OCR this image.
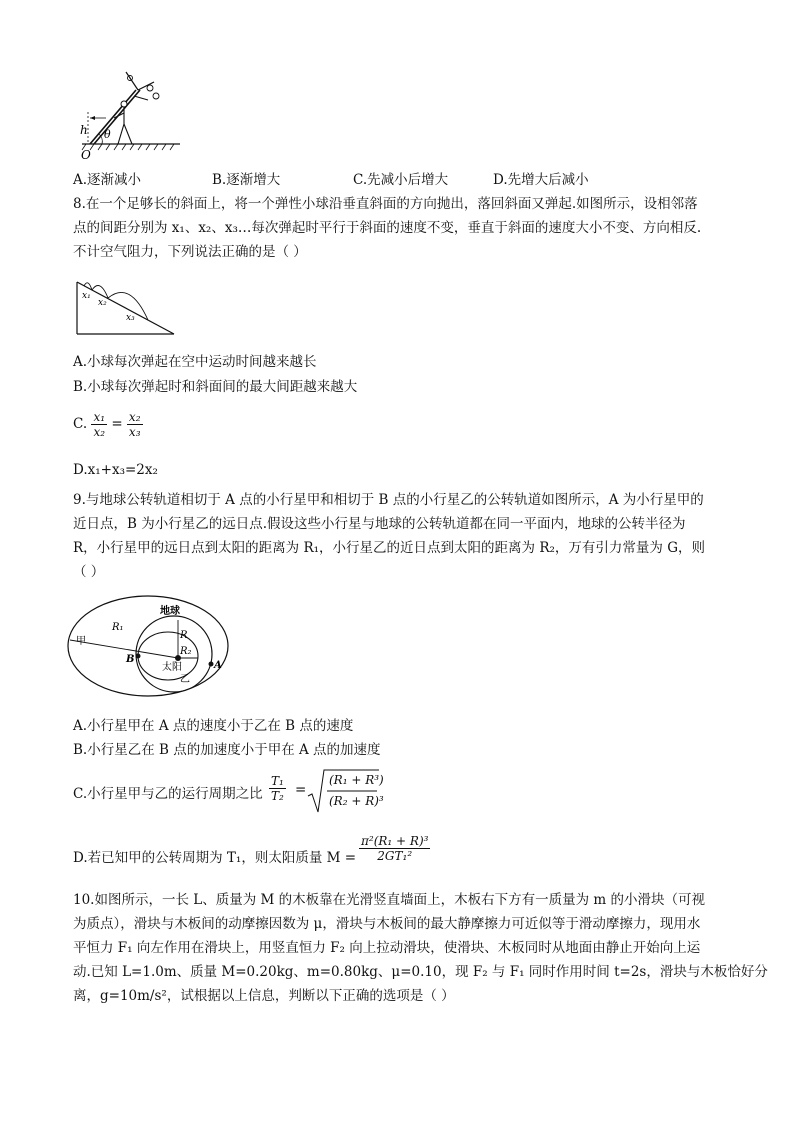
h θ
O
A.逐渐减小	B.逐渐增大	C.先减小后增大	D.先增大后减小
8.在一个足够长的斜面上，将一个弹性小球沿垂直斜面的方向抛出，落回斜面又弹起.如图所示，设相邻落
点的间距分别为 x₁、x₂、x₃…每次弹起时平行于斜面的速度不变，垂直于斜面的速度大小不变、方向相反.
不计空气阻力，下列说法正确的是（ ）
x₁
x₂
x₃
A.小球每次弹起在空中运动时间越来越长
B.小球每次弹起时和斜面间的最大间距越来越大
C. $\frac{\text{x₁}}{\text{x₂}} = \frac{\text{x₂}}{\text{x₃}}$
D.x₁+x₃=2x₂
9.与地球公转轨道相切于 A 点的小行星甲和相切于 B 点的小行星乙的公转轨道如图所示，A 为小行星甲的
近日点，B 为小行星乙的远日点.假设这些小行星与地球的公转轨道都在同一平面内，地球的公转半径为
R，小行星甲的远日点到太阳的距离为 R₁，小行星乙的近日点到太阳的距离为 R₂，万有引力常量为 G，则
（ ）
地球
甲
R₁
R
R₂
B
太阳
乙
A
A.小行星甲在 A 点的速度小于乙在 B 点的速度
B.小行星乙在 B 点的加速度小于甲在 A 点的加速度
C.小行星甲与乙的运行周期之比 $\frac{\text{T₁}}{\text{T₂}}$ =
(R₁ + R³)
(R₂ + R)³
D.若已知甲的公转周期为 T₁，则太阳质量 $M = \frac{\text{π²(R₁ + R)³}}{\text{2GT₁²}}$
10.如图所示，一长 L、质量为 M 的木板靠在光滑竖直墙面上，木板右下方有一质量为 m 的小滑块（可视
为质点），滑块与木板间的动摩擦因数为 μ，滑块与木板间的最大静摩擦力可近似等于滑动摩擦力，现用水
平恒力 F₁ 向左作用在滑块上，用竖直恒力 F₂ 向上拉动滑块，使滑块、木板同时从地面由静止开始向上运
动.已知 L=1.0m、质量 M=0.20kg、m=0.80kg、μ=0.10，现 F₂ 与 F₁ 同时作用时间 t=2s，滑块与木板恰好分
离，g=10m/s²，试根据以上信息，判断以下正确的选项是（ ）
